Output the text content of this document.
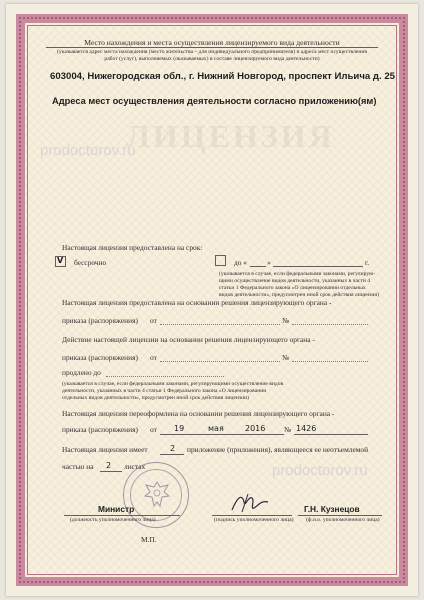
ЛИЦЕНЗИЯ
Место нахождения и места осуществления лицензируемого вида деятельности
(указывается адрес места нахождения (место жительства – для индивидуального предпринимателя) и адреса мест осуществления
работ (услуг), выполняемых (оказываемых) в составе лицензируемого вида деятельности)
603004, Нижегородская обл., г. Нижний Новгород, проспект Ильича д. 25
Адреса мест осуществления деятельности согласно приложению(ям)
prodoctorov.ru
Настоящая лицензия предоставлена на срок:
V бессрочно	до «	»	г.
(указывается в случае, если федеральными законами, регулирую-
щими осуществление видов деятельности, указанных в части 4
статьи 1 Федерального закона «О лицензировании отдельных
видов деятельности», предусмотрен иной срок действия лицензии)
Настоящая лицензия предоставлена на основании решения лицензирующего органа -
приказа (распоряжения) от	№
Действие настоящей лицензии на основании решения лицензирующего органа -
приказа (распоряжения) от	№
продлено до
(указывается в случае, если федеральными законами, регулирующими осуществление видов
деятельности, указанных в части 4 статьи 1 Федерального закона «О лицензировании
отдельных видов деятельности», предусмотрен иной срок действия лицензии)
Настоящая лицензия переоформлена на основании решения лицензирующего органа -
приказа (распоряжения) от 19	мая	2016	№ 1426
Настоящая лицензия имеет	2 приложение (приложения), являющееся ее неотъемлемой
частью на 2 листах	prodoctorov.ru
Министр
(должность уполномоченного лица)	(подпись уполномоченного лица)
Г.Н. Кузнецов
(ф.и.о. уполномоченного лица)
М.П.
